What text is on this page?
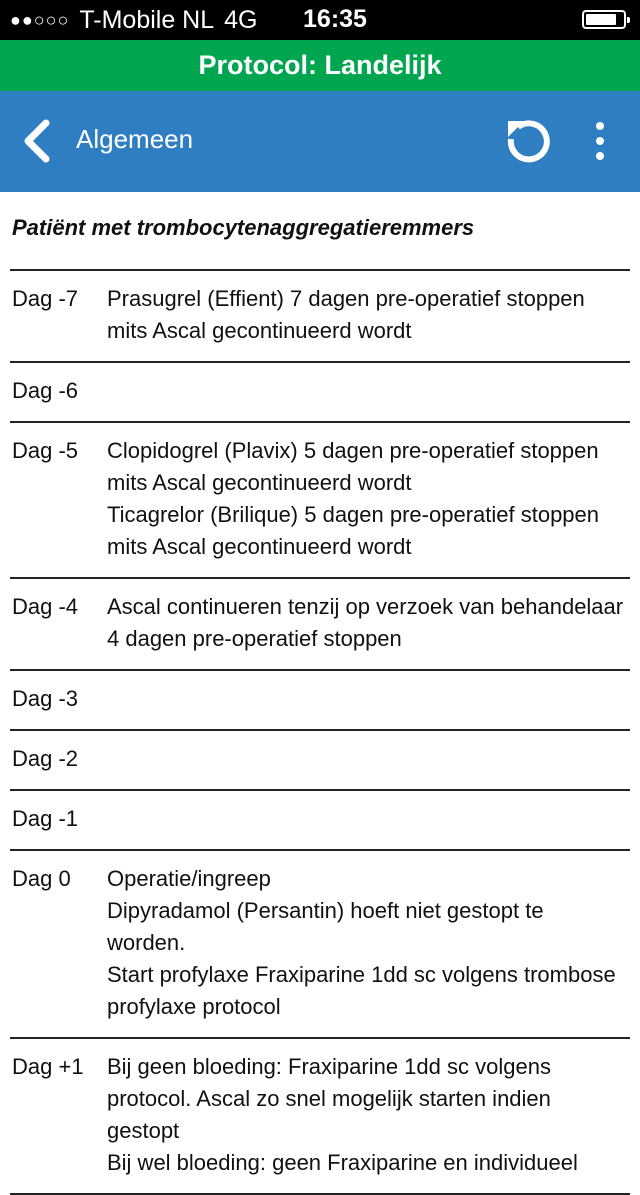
●●○○○ T-Mobile NL 4G	16:35
Protocol: Landelijk
Algemeen
Patiënt met trombocytenaggregatieremmers
Dag -7	Prasugrel (Effient) 7 dagen pre-operatief stoppen mits Ascal gecontinueerd wordt
Dag -6
Dag -5	Clopidogrel (Plavix) 5 dagen pre-operatief stoppen mits Ascal gecontinueerd wordt
Ticagrelor (Brilique) 5 dagen pre-operatief stoppen mits Ascal gecontinueerd wordt
Dag -4	Ascal continueren tenzij op verzoek van behandelaar 4 dagen pre-operatief stoppen
Dag -3
Dag -2
Dag -1
Dag 0	Operatie/ingreep
Dipyradamol (Persantin) hoeft niet gestopt te worden.
Start profylaxe Fraxiparine 1dd sc volgens trombose profylaxe protocol
Dag +1	Bij geen bloeding: Fraxiparine 1dd sc volgens protocol. Ascal zo snel mogelijk starten indien gestopt
Bij wel bloeding: geen Fraxiparine en individueel
